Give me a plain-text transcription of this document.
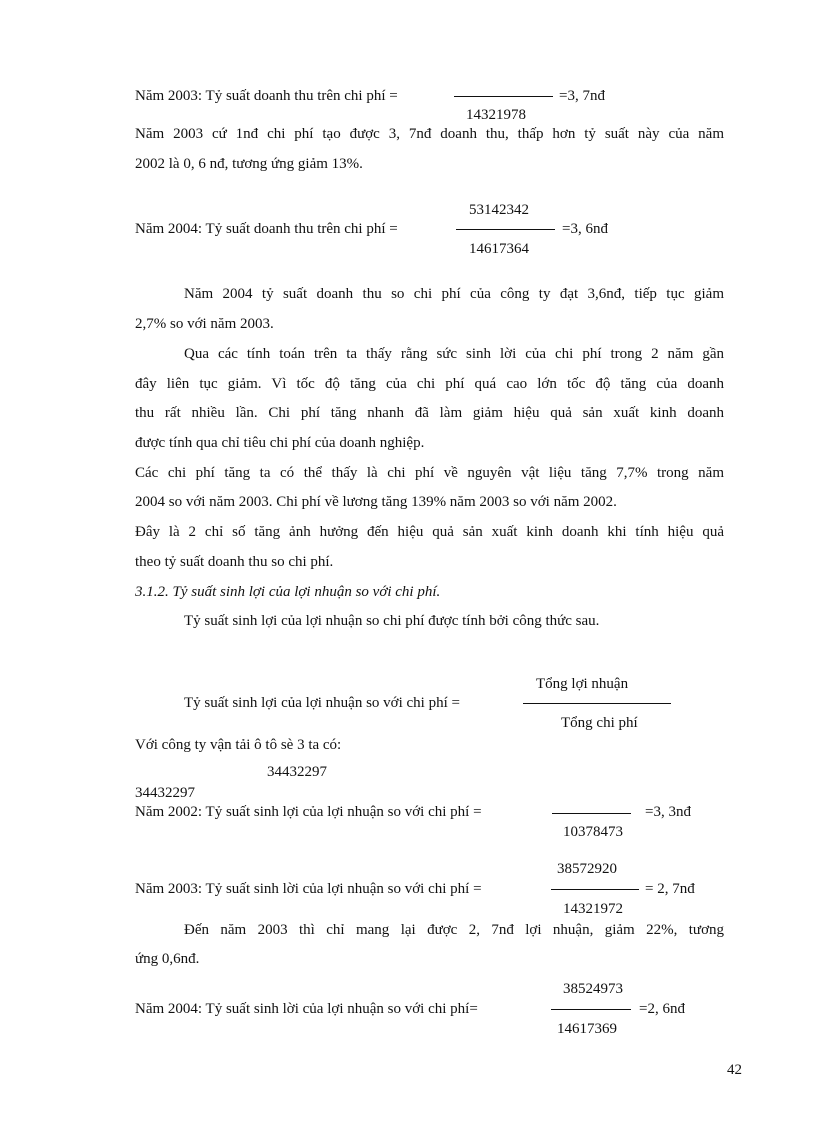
Năm 2003: Tỷ suất doanh thu trên chi phí =	=3, 7nđ
14321978
Năm 2003 cứ 1nđ chi phí tạo được 3, 7nđ doanh thu, thấp hơn tỷ suất này của năm
2002 là 0, 6 nđ, tương ứng giảm 13%.
53142342
Năm 2004: Tỷ suất doanh thu trên chi phí =	=3, 6nđ
14617364
Năm 2004 tỷ suất doanh thu so chi phí của công ty đạt 3,6nđ, tiếp tục giảm
2,7% so với năm 2003.
Qua các tính toán trên ta thấy rằng sức sinh lời của chi phí trong 2 năm gần
đây liên tục giảm. Vì tốc độ tăng của chi phí quá cao lớn tốc độ tăng của doanh
thu rất nhiều lần. Chi phí tăng nhanh đã làm giảm hiệu quả sản xuất kinh doanh
được tính qua chỉ tiêu chi phí của doanh nghiệp.
Các chi phí tăng ta có thể thấy là chi phí về nguyên vật liệu tăng 7,7% trong năm
2004 so với năm 2003. Chi phí về lương tăng 139% năm 2003 so với năm 2002.
Đây là 2 chỉ số tăng ảnh hưởng đến hiệu quả sản xuất kinh doanh khi tính hiệu quả
theo tỷ suất doanh thu so chi phí.
3.1.2. Tỷ suất sinh lợi của lợi nhuận so với chi phí.
Tỷ suất sinh lợi của lợi nhuận so chi phí được tính bởi công thức sau.
Tổng lợi nhuận
Tỷ suất sinh lợi của lợi nhuận so với chi phí =
Tổng chi phí
Với công ty vận tải ô tô sè 3 ta có:
34432297
34432297
Năm 2002: Tỷ suất sinh lợi của lợi nhuận so với chi phí =	=3, 3nđ
10378473
38572920
Năm 2003: Tỷ suất sinh lời của lợi nhuận so với chi phí =	= 2, 7nđ
14321972
Đến năm 2003 thì chỉ mang lại được 2, 7nđ lợi nhuận, giảm 22%, tương
ứng 0,6nđ.
38524973
Năm 2004: Tỷ suất sinh lời của lợi nhuận so với chi phí=	=2, 6nđ
14617369
42
